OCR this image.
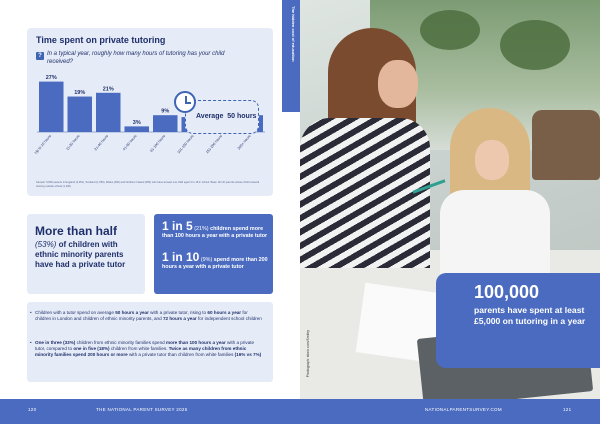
Time spent on private tutoring
? In a typical year, roughly how many hours of tutoring has your child received?
27%
Up to 10 hours
19%
11-20 hours
21%
21-40 hours
3%
41-60 hours
9%
61-100 hours	101-150 hours	151-200 hours	200+ hours
Average 50 hours
Sample: 5,800 parents in England (3,951), Scotland (1,050), Wales (460) and Northern Ireland (350) who have at least one child aged 4 to 18 in school. Base: All UK parents whose child received tutoring outside school (1,190)
More than half
(53%) of children with ethnic minority parents have had a private tutor
1 in 5 (21%) children spend more than 100 hours a year with a private tutor
1 in 10 (9%) spend more than 200 hours a year with a private tutor
• Children with a tutor spend on average 50 hours a year with a private tutor, rising to 60 hours a year for children in London and children of ethnic minority parents, and 72 hours a year for independent school children
• One in three (33%) children from ethnic minority families spend more than 100 hours a year with a private tutor, compared to one in five (18%) children from white families. Twice as many children from ethnic minority families spend 200 hours or more with a private tutor than children from white families (16% vs 7%)
The hidden cost of education
Photograph: stock.com/Smiley
100,000
parents have spent at least £5,000 on tutoring in a year
120	THE NATIONAL PARENT SURVEY 2025	NATIONALPARENTSURVEY.COM	121
